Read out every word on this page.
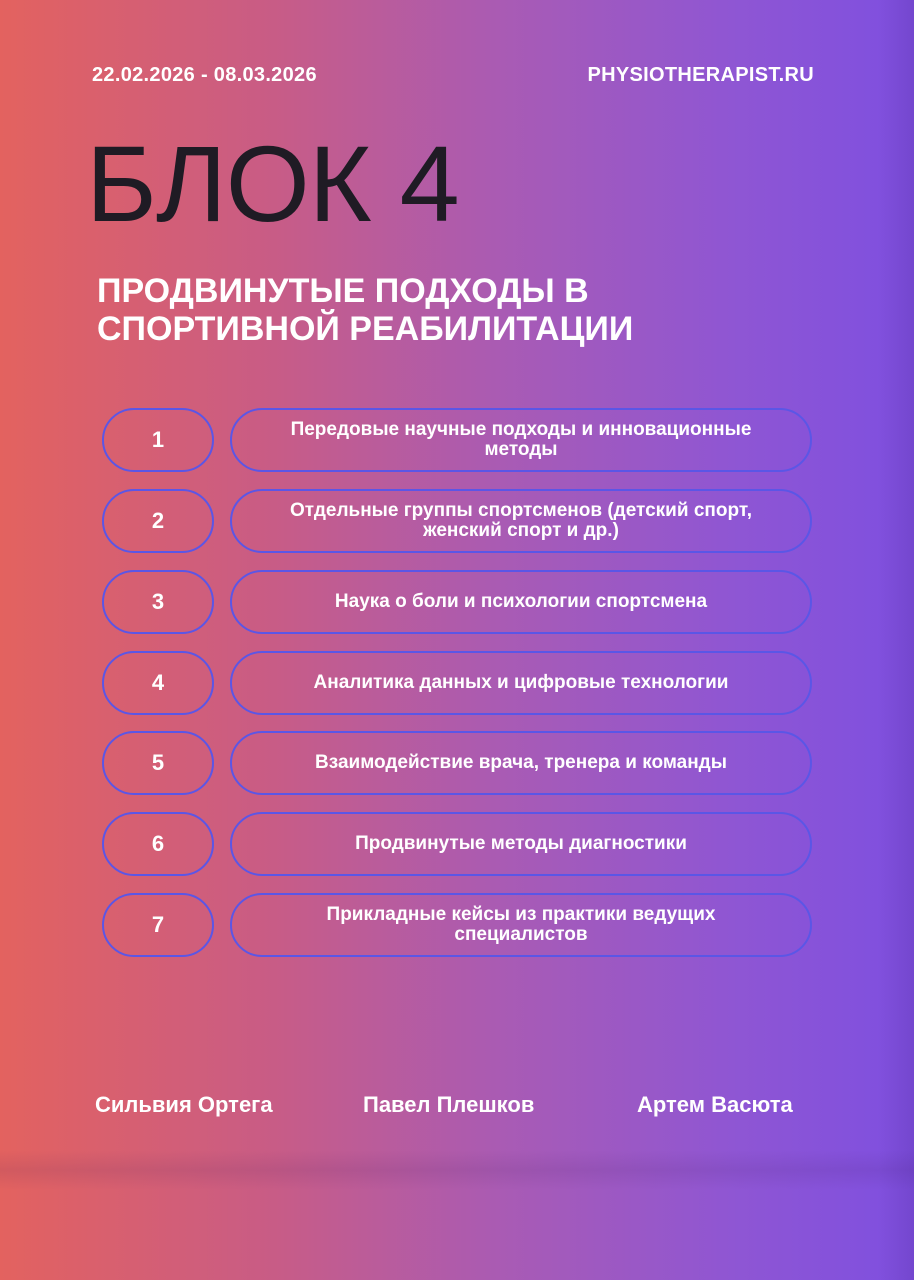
22.02.2026 - 08.03.2026	PHYSIOTHERAPIST.RU
БЛОК 4
ПРОДВИНУТЫЕ ПОДХОДЫ В СПОРТИВНОЙ РЕАБИЛИТАЦИИ
1	Передовые научные подходы и инновационные методы
2	Отдельные группы спортсменов (детский спорт, женский спорт и др.)
3	Наука о боли и психологии спортсмена
4	Аналитика данных и цифровые технологии
5	Взаимодействие врача, тренера и команды
6	Продвинутые методы диагностики
7	Прикладные кейсы из практики ведущих специалистов
Сильвия Ортега	Павел Плешков	Артем Васюта
